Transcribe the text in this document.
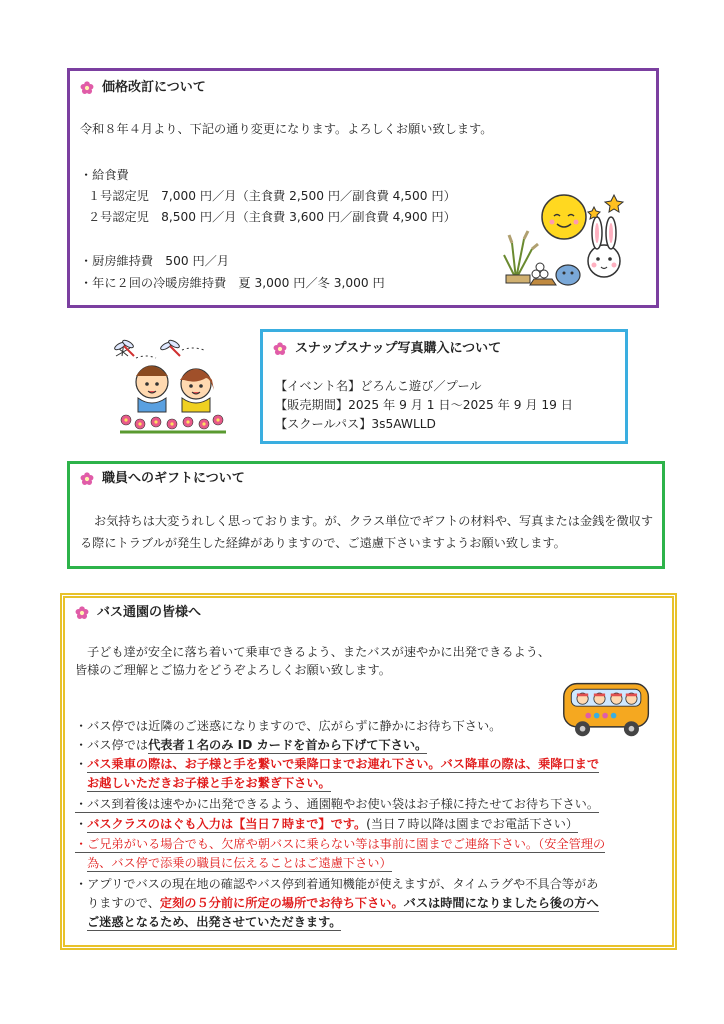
価格改訂について
令和８年４月より、下記の通り変更になります。よろしくお願い致します。
・給食費
１号認定児　7,000 円／月（主食費 2,500 円／副食費 4,500 円）
２号認定児　8,500 円／月（主食費 3,600 円／副食費 4,900 円）
・厨房維持費　500 円／月
・年に２回の冷暖房維持費　夏 3,000 円／冬 3,000 円
スナップスナップ写真購入について
【イベント名】どろんこ遊び／プール
【販売期間】2025 年 9 月 1 日～2025 年 9 月 19 日
【スクールパス】3s5AWLLD
職員へのギフトについて
お気持ちは大変うれしく思っております。が、クラス単位でギフトの材料や、写真または金銭を徴収する際にトラブルが発生した経緯がありますので、ご遠慮下さいますようお願い致します。
バス通園の皆様へ
子ども達が安全に落ち着いて乗車できるよう、またバスが速やかに出発できるよう、
皆様のご理解とご協力をどうぞよろしくお願い致します。
・バス停では近隣のご迷惑になりますので、広がらずに静かにお待ち下さい。
・バス停では代表者１名のみ ID カードを首から下げて下さい。
・バス乗車の際は、お子様と手を繋いで乗降口までお連れ下さい。バス降車の際は、乗降口まで
お越しいただきお子様と手をお繋ぎ下さい。
・バス到着後は速やかに出発できるよう、通園鞄やお使い袋はお子様に持たせてお待ち下さい。
・バスクラスのはぐも入力は【当日７時まで】です。(当日７時以降は園までお電話下さい）
・ご兄弟がいる場合でも、欠席や朝バスに乗らない等は事前に園までご連絡下さい。（安全管理の
為、バス停で添乗の職員に伝えることはご遠慮下さい）
・アプリでバスの現在地の確認やバス停到着通知機能が使えますが、タイムラグや不具合等があ
りますので、定刻の５分前に所定の場所でお待ち下さい。バスは時間になりましたら後の方へ
ご迷惑となるため、出発させていただきます。
